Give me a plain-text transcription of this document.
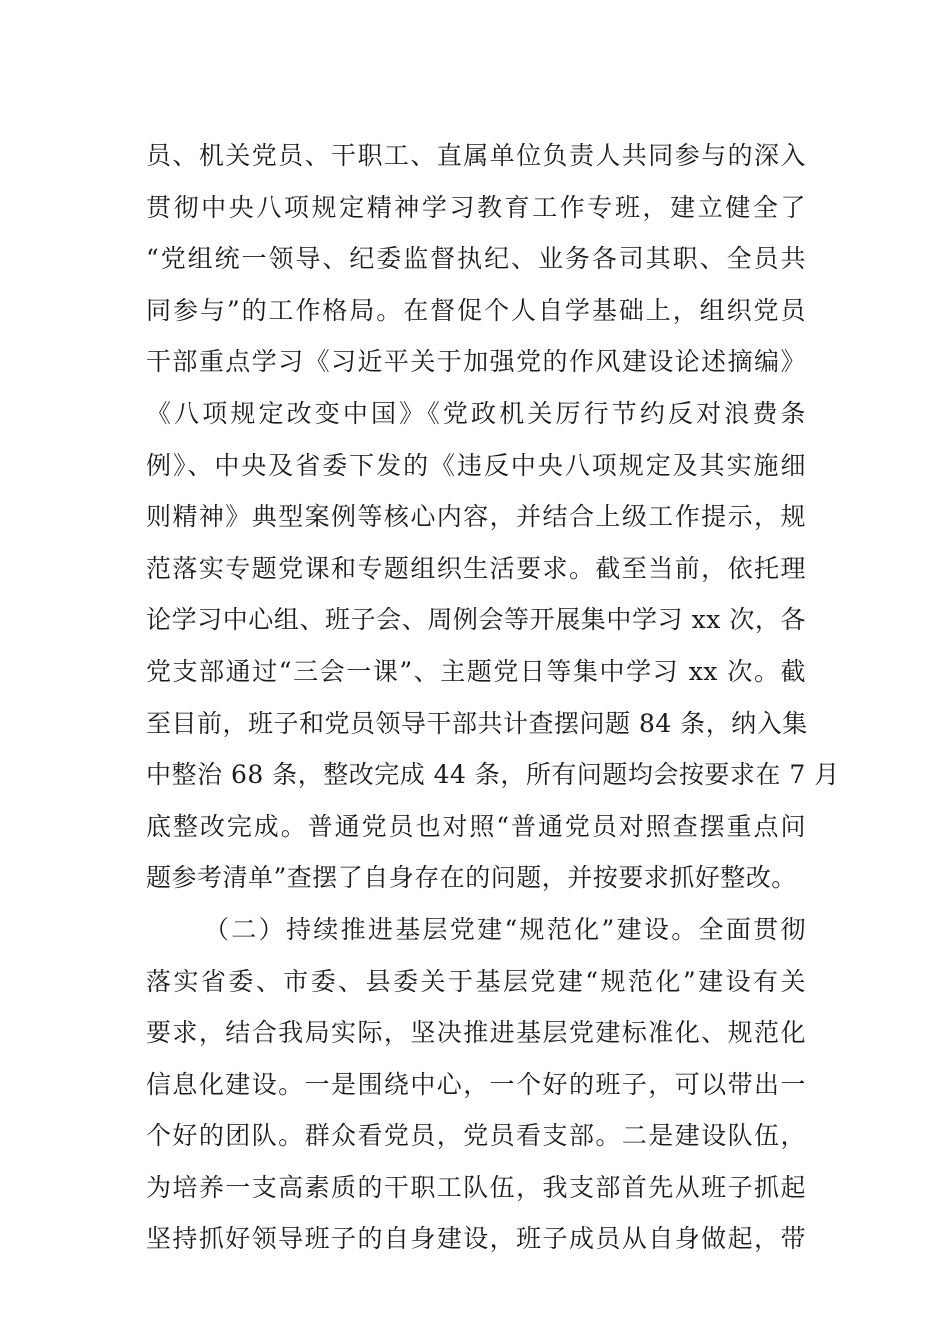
员、机关党员、干职工、直属单位负责人共同参与的深入
贯彻中央八项规定精神学习教育工作专班，建立健全了
“党组统一领导、纪委监督执纪、业务各司其职、全员共
同参与”的工作格局。在督促个人自学基础上，组织党员
干部重点学习《习近平关于加强党的作风建设论述摘编》
《八项规定改变中国》《党政机关厉行节约反对浪费条
例》、中央及省委下发的《违反中央八项规定及其实施细
则精神》典型案例等核心内容，并结合上级工作提示，规
范落实专题党课和专题组织生活要求。截至当前，依托理
论学习中心组、班子会、周例会等开展集中学习 xx 次，各
党支部通过“三会一课”、主题党日等集中学习 xx 次。截
至目前，班子和党员领导干部共计查摆问题 84 条，纳入集
中整治 68 条，整改完成 44 条，所有问题均会按要求在 7 月
底整改完成。普通党员也对照“普通党员对照查摆重点问
题参考清单”查摆了自身存在的问题，并按要求抓好整改。
（二）持续推进基层党建“规范化”建设。全面贯彻
落实省委、市委、县委关于基层党建“规范化”建设有关
要求，结合我局实际，坚决推进基层党建标准化、规范化
信息化建设。一是围绕中心，一个好的班子，可以带出一
个好的团队。群众看党员，党员看支部。二是建设队伍，
为培养一支高素质的干职工队伍，我支部首先从班子抓起
坚持抓好领导班子的自身建设，班子成员从自身做起，带
